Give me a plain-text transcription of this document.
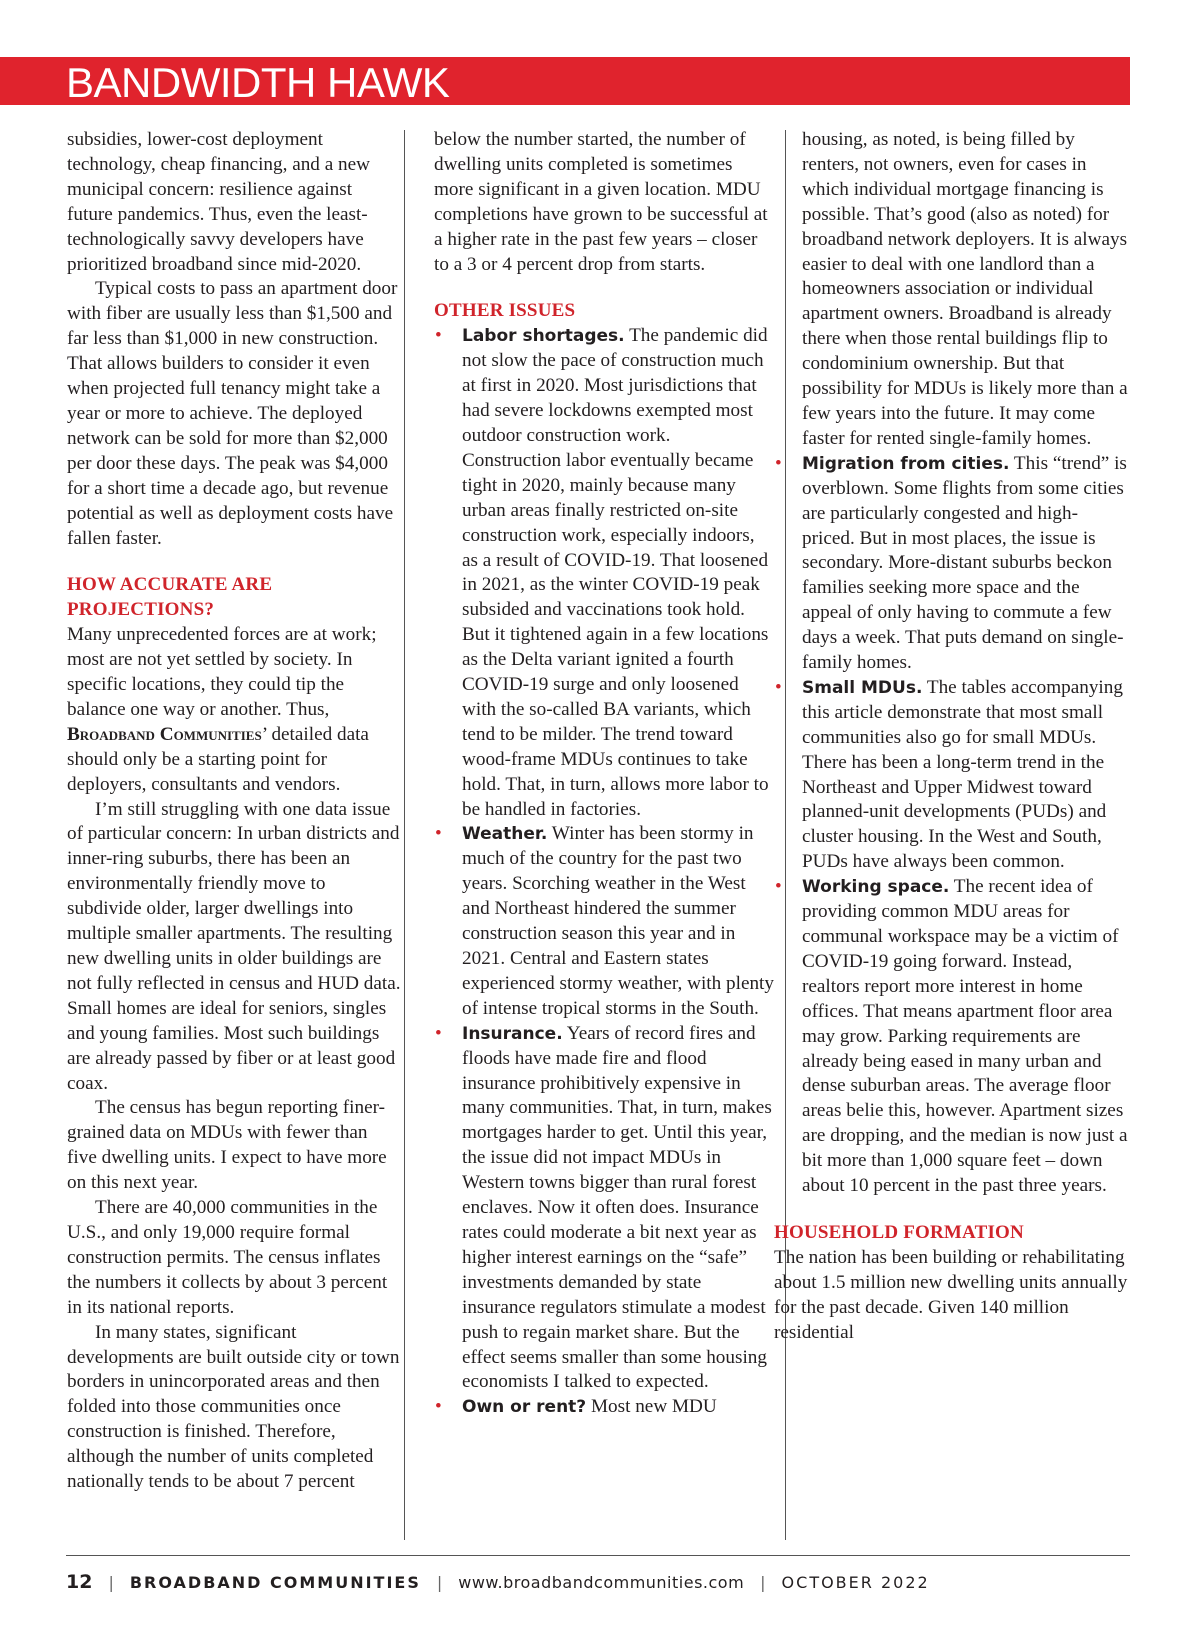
BANDWIDTH HAWK

subsidies, lower-cost deployment technology, cheap financing, and a new municipal concern: resilience against future pandemics. Thus, even the least-technologically savvy developers have prioritized broadband since mid-2020.

Typical costs to pass an apartment door with fiber are usually less than $1,500 and far less than $1,000 in new construction. That allows builders to consider it even when projected full tenancy might take a year or more to achieve. The deployed network can be sold for more than $2,000 per door these days. The peak was $4,000 for a short time a decade ago, but revenue potential as well as deployment costs have fallen faster.

HOW ACCURATE ARE PROJECTIONS?

Many unprecedented forces are at work; most are not yet settled by society. In specific locations, they could tip the balance one way or another. Thus, Broadband Communities’ detailed data should only be a starting point for deployers, consultants and vendors.

I’m still struggling with one data issue of particular concern: In urban districts and inner-ring suburbs, there has been an environmentally friendly move to subdivide older, larger dwellings into multiple smaller apartments. The resulting new dwelling units in older buildings are not fully reflected in census and HUD data. Small homes are ideal for seniors, singles and young families. Most such buildings are already passed by fiber or at least good coax.

The census has begun reporting finer-grained data on MDUs with fewer than five dwelling units. I expect to have more on this next year.

There are 40,000 communities in the U.S., and only 19,000 require formal construction permits. The census inflates the numbers it collects by about 3 percent in its national reports.

In many states, significant developments are built outside city or town borders in unincorporated areas and then folded into those communities once construction is finished. Therefore, although the number of units completed nationally tends to be about 7 percent

below the number started, the number of dwelling units completed is sometimes more significant in a given location. MDU completions have grown to be successful at a higher rate in the past few years – closer to a 3 or 4 percent drop from starts.

OTHER ISSUES

• Labor shortages. The pandemic did not slow the pace of construction much at first in 2020. Most jurisdictions that had severe lockdowns exempted most outdoor construction work. Construction labor eventually became tight in 2020, mainly because many urban areas finally restricted on-site construction work, especially indoors, as a result of COVID-19. That loosened in 2021, as the winter COVID-19 peak subsided and vaccinations took hold. But it tightened again in a few locations as the Delta variant ignited a fourth COVID-19 surge and only loosened with the so-called BA variants, which tend to be milder. The trend toward wood-frame MDUs continues to take hold. That, in turn, allows more labor to be handled in factories.
• Weather. Winter has been stormy in much of the country for the past two years. Scorching weather in the West and Northeast hindered the summer construction season this year and in 2021. Central and Eastern states experienced stormy weather, with plenty of intense tropical storms in the South.
• Insurance. Years of record fires and floods have made fire and flood insurance prohibitively expensive in many communities. That, in turn, makes mortgages harder to get. Until this year, the issue did not impact MDUs in Western towns bigger than rural forest enclaves. Now it often does. Insurance rates could moderate a bit next year as higher interest earnings on the “safe” investments demanded by state insurance regulators stimulate a modest push to regain market share. But the effect seems smaller than some housing economists I talked to expected.
• Own or rent? Most new MDU

housing, as noted, is being filled by renters, not owners, even for cases in which individual mortgage financing is possible. That’s good (also as noted) for broadband network deployers. It is always easier to deal with one landlord than a homeowners association or individual apartment owners. Broadband is already there when those rental buildings flip to condominium ownership. But that possibility for MDUs is likely more than a few years into the future. It may come faster for rented single-family homes.

• Migration from cities. This “trend” is overblown. Some flights from some cities are particularly congested and high-priced. But in most places, the issue is secondary. More-distant suburbs beckon families seeking more space and the appeal of only having to commute a few days a week. That puts demand on single-family homes.
• Small MDUs. The tables accompanying this article demonstrate that most small communities also go for small MDUs. There has been a long-term trend in the Northeast and Upper Midwest toward planned-unit developments (PUDs) and cluster housing. In the West and South, PUDs have always been common.
• Working space. The recent idea of providing common MDU areas for communal workspace may be a victim of COVID-19 going forward. Instead, realtors report more interest in home offices. That means apartment floor area may grow. Parking requirements are already being eased in many urban and dense suburban areas. The average floor areas belie this, however. Apartment sizes are dropping, and the median is now just a bit more than 1,000 square feet – down about 10 percent in the past three years.

HOUSEHOLD FORMATION

The nation has been building or rehabilitating about 1.5 million new dwelling units annually for the past decade. Given 140 million residential

12 | BROADBAND COMMUNITIES | www.broadbandcommunities.com | OCTOBER 2022
